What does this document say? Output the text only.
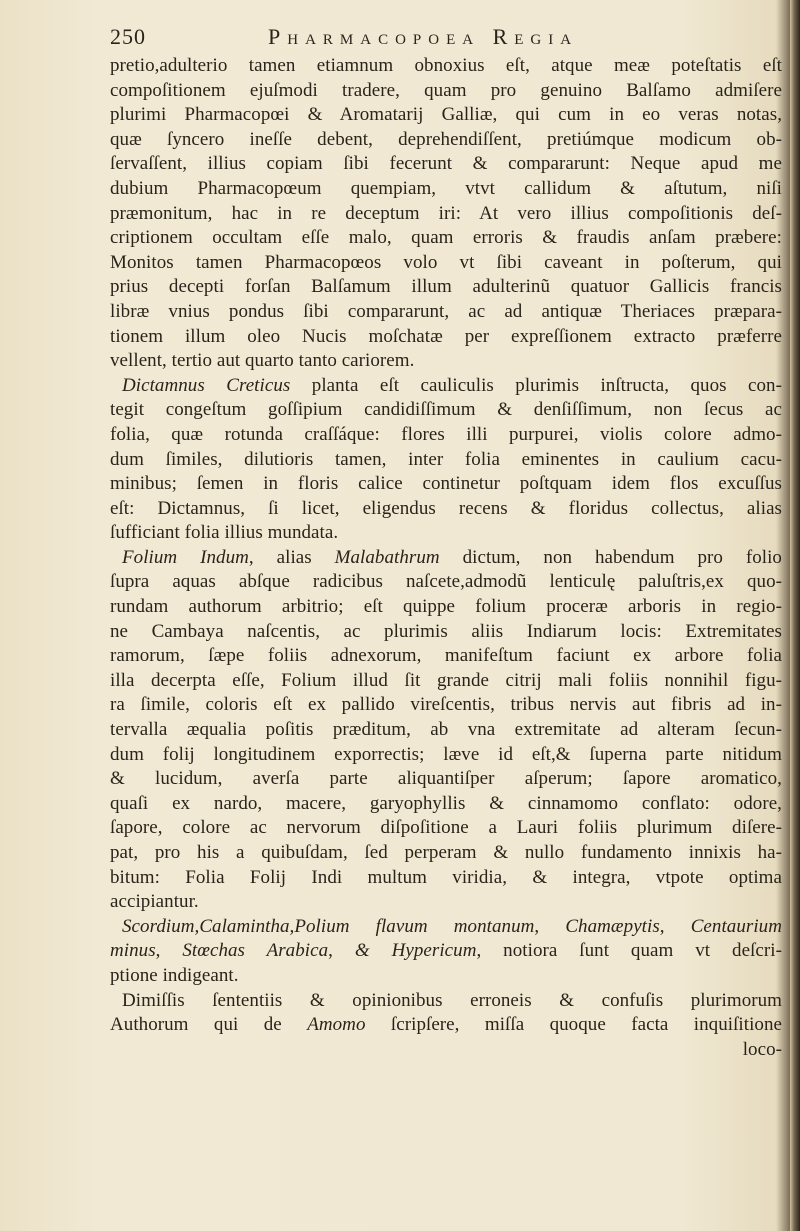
250	Pharmacopoea Regia
pretio,adulterio tamen etiamnum obnoxius eſt, atque meæ poteſtatis eſt
compoſitionem ejuſmodi tradere, quam pro genuino Balſamo admiſere
plurimi Pharmacopœi & Aromatarij Galliæ, qui cum in eo veras notas,
quæ ſyncero ineſſe debent, deprehendiſſent, pretiúmque modicum ob-
ſervaſſent, illius copiam ſibi fecerunt & compararunt: Neque apud me
dubium Pharmacopœum quempiam, vtvt callidum & aſtutum, niſi
præmonitum, hac in re deceptum iri: At vero illius compoſitionis deſ-
criptionem occultam eſſe malo, quam erroris & fraudis anſam præbere:
Monitos tamen Pharmacopœos volo vt ſibi caveant in poſterum, qui
prius decepti forſan Balſamum illum adulterinũ quatuor Gallicis francis
libræ vnius pondus ſibi compararunt, ac ad antiquæ Theriaces præpara-
tionem illum oleo Nucis moſchatæ per expreſſionem extracto præferre
vellent, tertio aut quarto tanto cariorem.
Dictamnus Creticus planta eſt cauliculis plurimis inſtructa, quos con-
tegit congeſtum goſſipium candidiſſimum & denſiſſimum, non ſecus ac
folia, quæ rotunda craſſáque: flores illi purpurei, violis colore admo-
dum ſimiles, dilutioris tamen, inter folia eminentes in caulium cacu-
minibus; ſemen in floris calice continetur poſtquam idem flos excuſſus
eſt: Dictamnus, ſi licet, eligendus recens & floridus collectus, alias
ſufficiant folia illius mundata.
Folium Indum, alias Malabathrum dictum, non habendum pro folio
ſupra aquas abſque radicibus naſcete,admodũ lenticulę paluſtris,ex quo-
rundam authorum arbitrio; eſt quippe folium proceræ arboris in regio-
ne Cambaya naſcentis, ac plurimis aliis Indiarum locis: Extremitates
ramorum, ſæpe foliis adnexorum, manifeſtum faciunt ex arbore folia
illa decerpta eſſe, Folium illud ſit grande citrij mali foliis nonnihil figu-
ra ſimile, coloris eſt ex pallido vireſcentis, tribus nervis aut fibris ad in-
tervalla æqualia poſitis præditum, ab vna extremitate ad alteram ſecun-
dum folij longitudinem exporrectis; læve id eſt,& ſuperna parte nitidum
& lucidum, averſa parte aliquantiſper aſperum; ſapore aromatico,
quaſi ex nardo, macere, garyophyllis & cinnamomo conflato: odore,
ſapore, colore ac nervorum diſpoſitione a Lauri foliis plurimum diſere-
pat, pro his a quibuſdam, ſed perperam & nullo fundamento innixis ha-
bitum: Folia Folij Indi multum viridia, & integra, vtpote optima
accipiantur.
Scordium,Calamintha,Polium flavum montanum, Chamæpytis, Centaurium
minus, Stœchas Arabica, & Hypericum, notiora ſunt quam vt deſcri-
ptione indigeant.
Dimiſſis ſententiis & opinionibus erroneis & confuſis plurimorum
Authorum qui de Amomo ſcripſere, miſſa quoque facta inquiſitione
loco-
